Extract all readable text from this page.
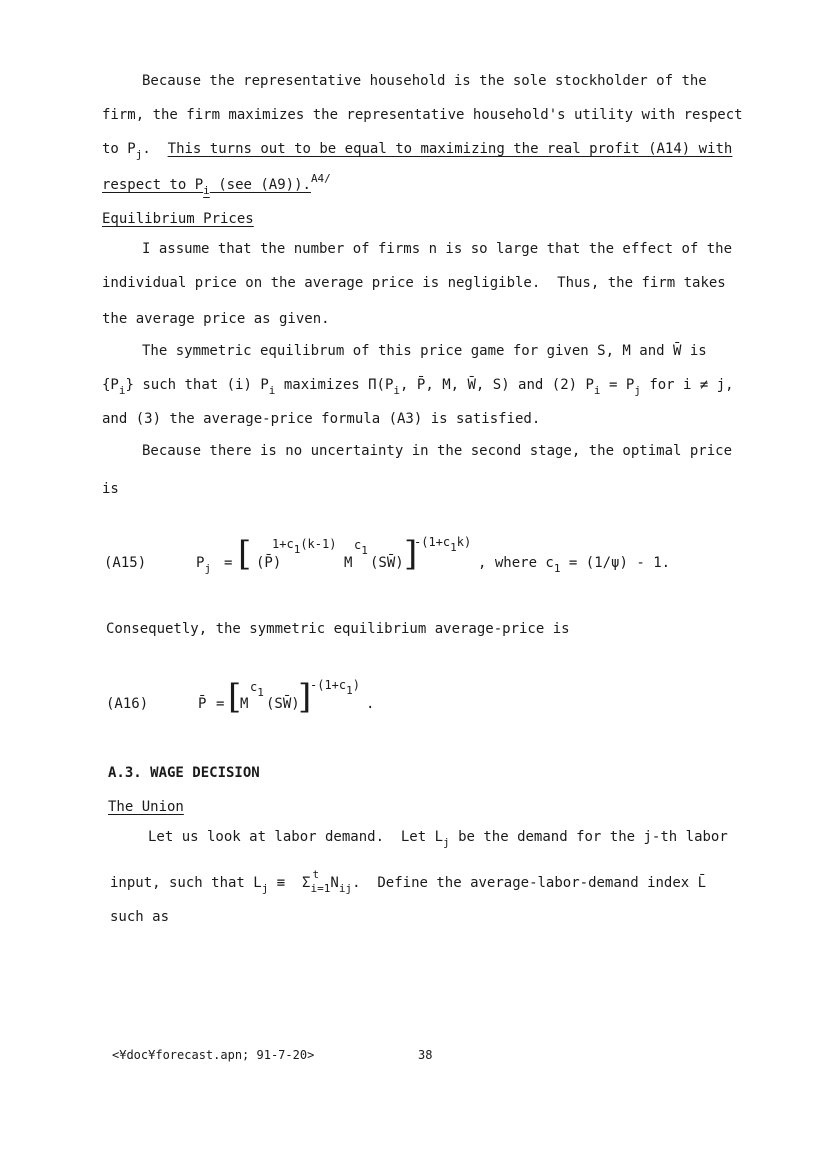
Because the representative household is the sole stockholder of the
firm, the firm maximizes the representative household's utility with respect
to $P_j$.  This turns out to be equal to maximizing the real profit (A14) with
respect to $P_i$ (see (A9)).$^{A4/}$
Equilibrium Prices
I assume that the number of firms n is so large that the effect of the
individual price on the average price is negligible.  Thus, the firm takes
the average price as given.
The symmetric equilibrum of this price game for given S, M and W̄ is
$\{P_i\}$ such that (i) $P_i$ maximizes $\Pi(P_i$, P̄, M, W̄, S) and (2) $P_i = P_j$ for i ≠ j,
and (3) the average-price formula (A3) is satisfied.
Because there is no uncertainty in the second stage, the optimal price
is
(A15)	$P_j$ = [ (P̄)
1+c1(k-1)
M
c1
(SW̄) ]
-(1+c1k)
, where $c_1 = (1/\psi) - 1$.
Consequetly, the symmetric equilibrium average-price is
(A16)	P̄ = [
M
c1
(SW̄)
]
-(1+c1)
.
A.3. WAGE DECISION
The Union
Let us look at labor demand.  Let $L_j$ be the demand for the j-th labor
input, such that $L_j \equiv \Sigma$
$_{t i=1}N_{ij}$.  Define the average-labor-demand index L̄
such as
<¥doc¥forecast.apn; 91-7-20>	38
